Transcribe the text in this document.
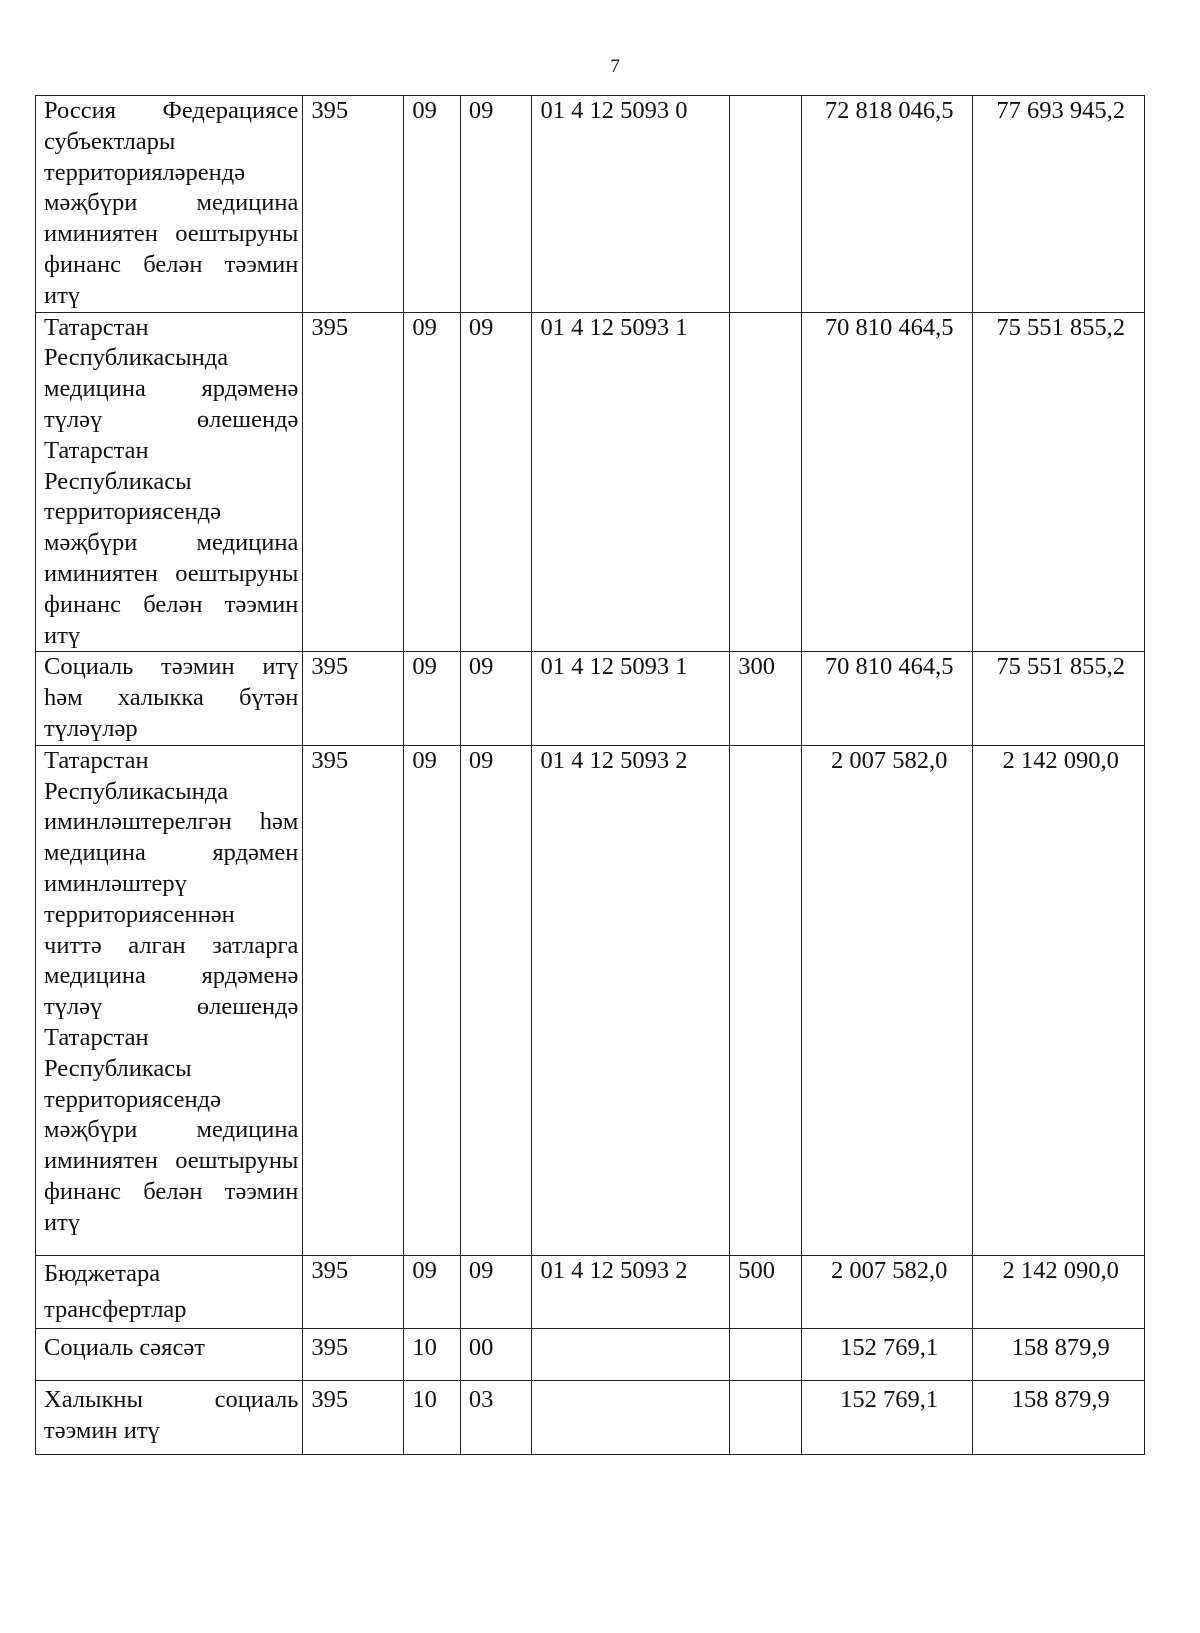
7
Россия Федерациясе субъектлары территорияләрендә мәҗбүри медицина иминиятен оештыруны финанс белән тәэмин итү	395	09	09	01 4 12 5093 0		72 818 046,5	77 693 945,2
Татарстан Республикасында медицина ярдәменә түләү өлешендә Татарстан Республикасы территориясендә мәҗбүри медицина иминиятен оештыруны финанс белән тәэмин итү	395	09	09	01 4 12 5093 1		70 810 464,5	75 551 855,2
Социаль тәэмин итү һәм халыкка бүтән түләүләр	395	09	09	01 4 12 5093 1	300	70 810 464,5	75 551 855,2
Татарстан Республикасында иминләштерелгән һәм медицина ярдәмен иминләштерү территориясеннән читтә алган затларга медицина ярдәменә түләү өлешендә Татарстан Республикасы территориясендә мәҗбүри медицина иминиятен оештыруны финанс белән тәэмин итү	395	09	09	01 4 12 5093 2		2 007 582,0	2 142 090,0
Бюджетара трансфертлар	395	09	09	01 4 12 5093 2	500	2 007 582,0	2 142 090,0
Социаль сәясәт	395	10	00			152 769,1	158 879,9
Халыкны социаль тәэмин итү	395	10	03			152 769,1	158 879,9
